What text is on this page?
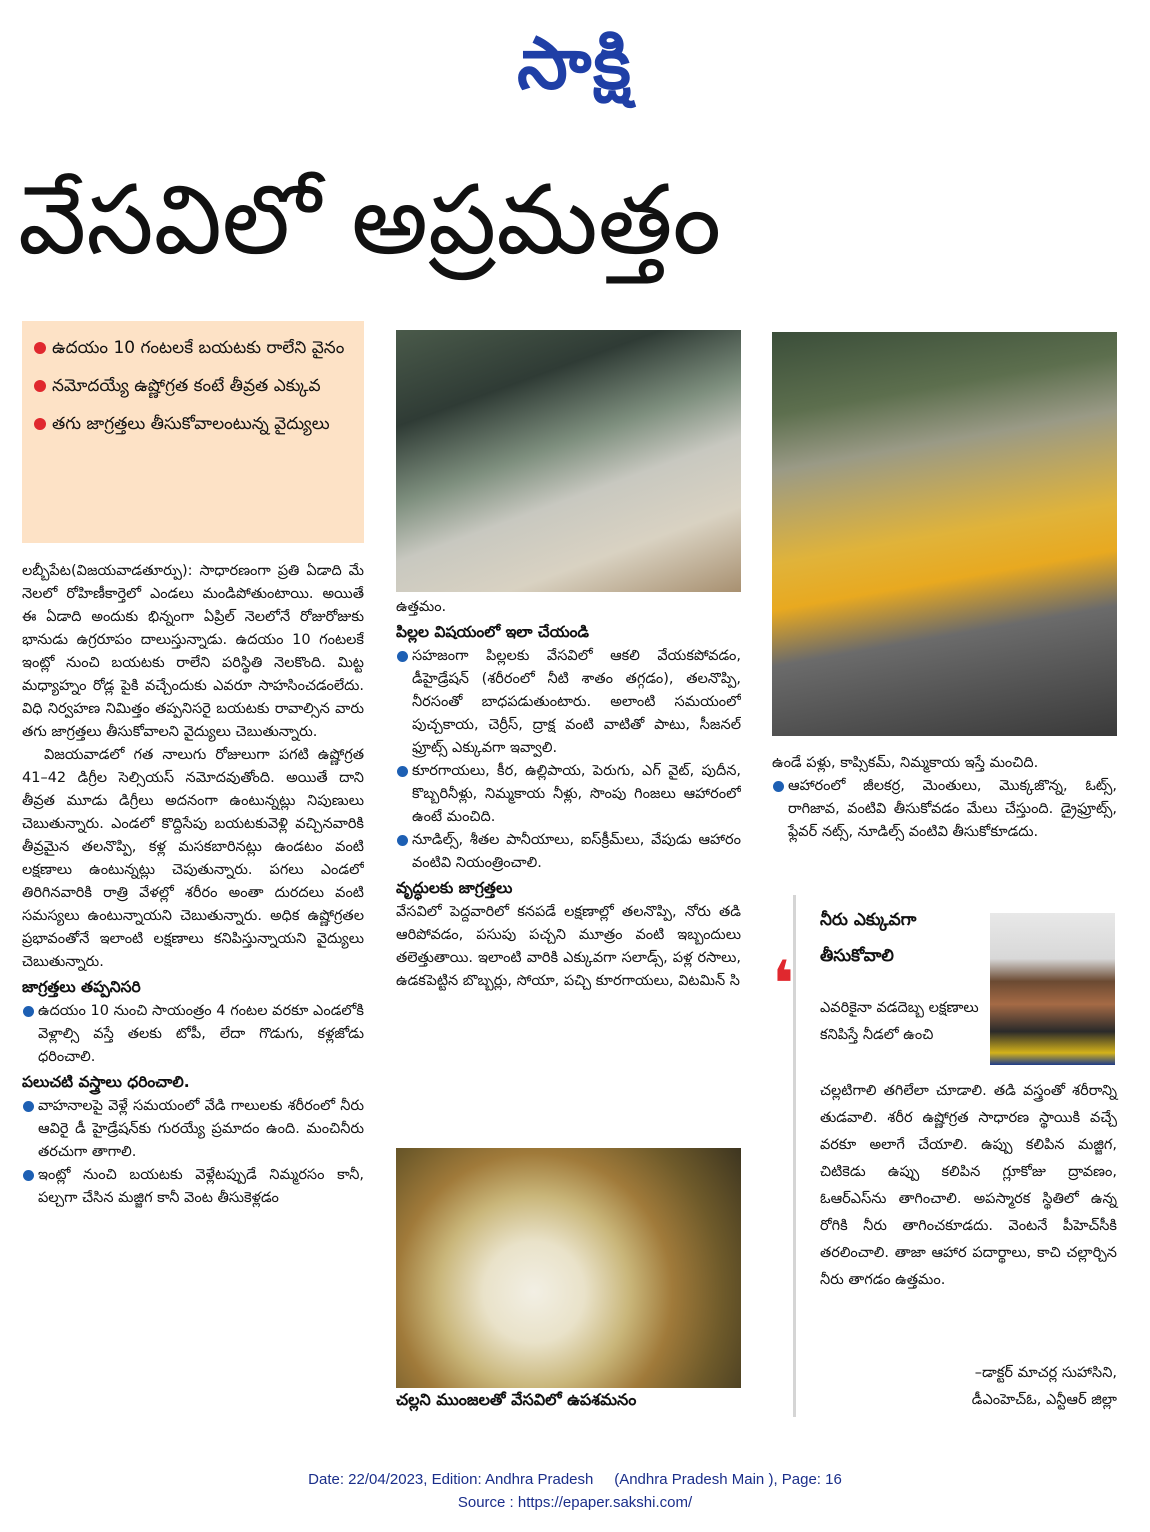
సాక్షి
వేసవిలో అప్రమత్తం
ఉదయం 10 గంటలకే బయటకు రాలేని వైనం
నమోదయ్యే ఉష్ణోగ్రత కంటే తీవ్రత ఎక్కువ
తగు జాగ్రత్తలు తీసుకోవాలంటున్న వైద్యులు

లబ్బీపేట(విజయవాడతూర్పు): సాధారణంగా ప్రతి ఏడాది మే నెలలో రోహిణీకార్తెలో ఎండలు మండిపోతుంటాయి. అయితే ఈ ఏడాది అందుకు భిన్నంగా ఏప్రిల్ నెలలోనే రోజురోజుకు భానుడు ఉగ్రరూపం దాలుస్తున్నాడు. ఉదయం 10 గంటలకే ఇంట్లో నుంచి బయటకు రాలేని పరిస్థితి నెలకొంది. మిట్ట మధ్యాహ్నం రోడ్ల పైకి వచ్చేందుకు ఎవరూ సాహసించడంలేదు. విధి నిర్వహణ నిమిత్తం తప్పనిసరై బయటకు రావాల్సిన వారు తగు జాగ్రత్తలు తీసుకోవాలని వైద్యులు చెబుతున్నారు.

విజయవాడలో గత నాలుగు రోజులుగా పగటి ఉష్ణోగ్రత 41–42 డిగ్రీల సెల్సియస్ నమోదవుతోంది. అయితే దాని తీవ్రత మూడు డిగ్రీలు అదనంగా ఉంటున్నట్లు నిపుణులు చెబుతున్నారు. ఎండలో కొద్దిసేపు బయటకువెళ్లి వచ్చినవారికి తీవ్రమైన తలనొప్పి, కళ్ల మసకబారినట్లు ఉండటం వంటి లక్షణాలు ఉంటున్నట్లు చెపుతున్నారు. పగలు ఎండలో తిరిగినవారికి రాత్రి వేళల్లో శరీరం అంతా దురదలు వంటి సమస్యలు ఉంటున్నాయని చెబుతున్నారు. అధిక ఉష్ణోగ్రతల ప్రభావంతోనే ఇలాంటి లక్షణాలు కనిపిస్తున్నాయని వైద్యులు చెబుతున్నారు.

జాగ్రత్తలు తప్పనిసరి

ఉదయం 10 నుంచి సాయంత్రం 4 గంటల వరకూ ఎండలోకి వెళ్లాల్సి వస్తే తలకు టోపీ, లేదా గొడుగు, కళ్లజోడు ధరించాలి.

పలుచటి వస్త్రాలు ధరించాలి.

వాహనాలపై వెళ్లే సమయంలో వేడి గాలులకు శరీరంలో నీరు ఆవిరై డీ హైడ్రేషన్‌కు గురయ్యే ప్రమాదం ఉంది. మంచినీరు తరచుగా తాగాలి.

ఇంట్లో నుంచి బయటకు వెళ్లేటప్పుడే నిమ్మరసం కానీ, పల్చగా చేసిన మజ్జిగ కానీ వెంట తీసుకెళ్లడం

ఉత్తమం.

పిల్లల విషయంలో ఇలా చేయండి

సహజంగా పిల్లలకు వేసవిలో ఆకలి వేయకపోవడం, డీహైడ్రేషన్ (శరీరంలో నీటి శాతం తగ్గడం), తలనొప్పి, నీరసంతో బాధపడుతుంటారు. అలాంటి సమయంలో పుచ్చకాయ, చెర్రీస్, ద్రాక్ష వంటి వాటితో పాటు, సీజనల్ ఫ్రూట్స్ ఎక్కువగా ఇవ్వాలి.

కూరగాయలు, కీర, ఉల్లిపాయ, పెరుగు, ఎగ్ వైట్, పుదీన, కొబ్బరినీళ్లు, నిమ్మకాయ నీళ్లు, సొంపు గింజలు ఆహారంలో ఉంటే మంచిది.

నూడిల్స్, శీతల పానీయాలు, ఐస్‌క్రీమ్‌లు, వేపుడు ఆహారం వంటివి నియంత్రించాలి.

వృద్ధులకు జాగ్రత్తలు

వేసవిలో పెద్దవారిలో కనపడే లక్షణాల్లో తలనొప్పి, నోరు తడి ఆరిపోవడం, పసుపు పచ్చని మూత్రం వంటి ఇబ్బందులు తలెత్తుతాయి. ఇలాంటి వారికి ఎక్కువగా సలాడ్స్, పళ్ల రసాలు, ఉడకపెట్టిన బొబ్బర్లు, సోయా, పచ్చి కూరగాయలు, విటమిన్ సి

చల్లని ముంజలతో వేసవిలో ఉపశమనం

ఉండే పళ్లు, కాప్సికమ్, నిమ్మకాయ ఇస్తే మంచిది.

ఆహారంలో జీలకర్ర, మెంతులు, మొక్కజొన్న, ఓట్స్, రాగిజావ, వంటివి తీసుకోవడం మేలు చేస్తుంది. డ్రైఫ్రూట్స్, ఫ్లేవర్ నట్స్, నూడిల్స్ వంటివి తీసుకోకూడదు.

నీరు ఎక్కువగా తీసుకోవాలి
❛	ఎవరికైనా వడదెబ్బ లక్షణాలు కనిపిస్తే నీడలో ఉంచి
చల్లటిగాలి తగిలేలా చూడాలి. తడి వస్త్రంతో శరీరాన్ని తుడవాలి. శరీర ఉష్ణోగ్రత సాధారణ స్థాయికి వచ్చే వరకూ అలాగే చేయాలి. ఉప్పు కలిపిన మజ్జిగ, చిటికెడు ఉప్పు కలిపిన గ్లూకోజు ద్రావణం, ఓఆర్ఎస్‌ను తాగించాలి. అపస్మారక స్థితిలో ఉన్న రోగికి నీరు తాగించకూడదు. వెంటనే పీహెచ్‌సీకి తరలించాలి. తాజా ఆహార పదార్థాలు, కాచి చల్లార్చిన నీరు తాగడం ఉత్తమం.
–డాక్టర్ మాచర్ల సుహాసిని,
డీఎంహెచ్‌ఓ, ఎన్టీఆర్ జిల్లా
Date: 22/04/2023, Edition: Andhra Pradesh     (Andhra Pradesh Main ), Page: 16
Source : https://epaper.sakshi.com/
